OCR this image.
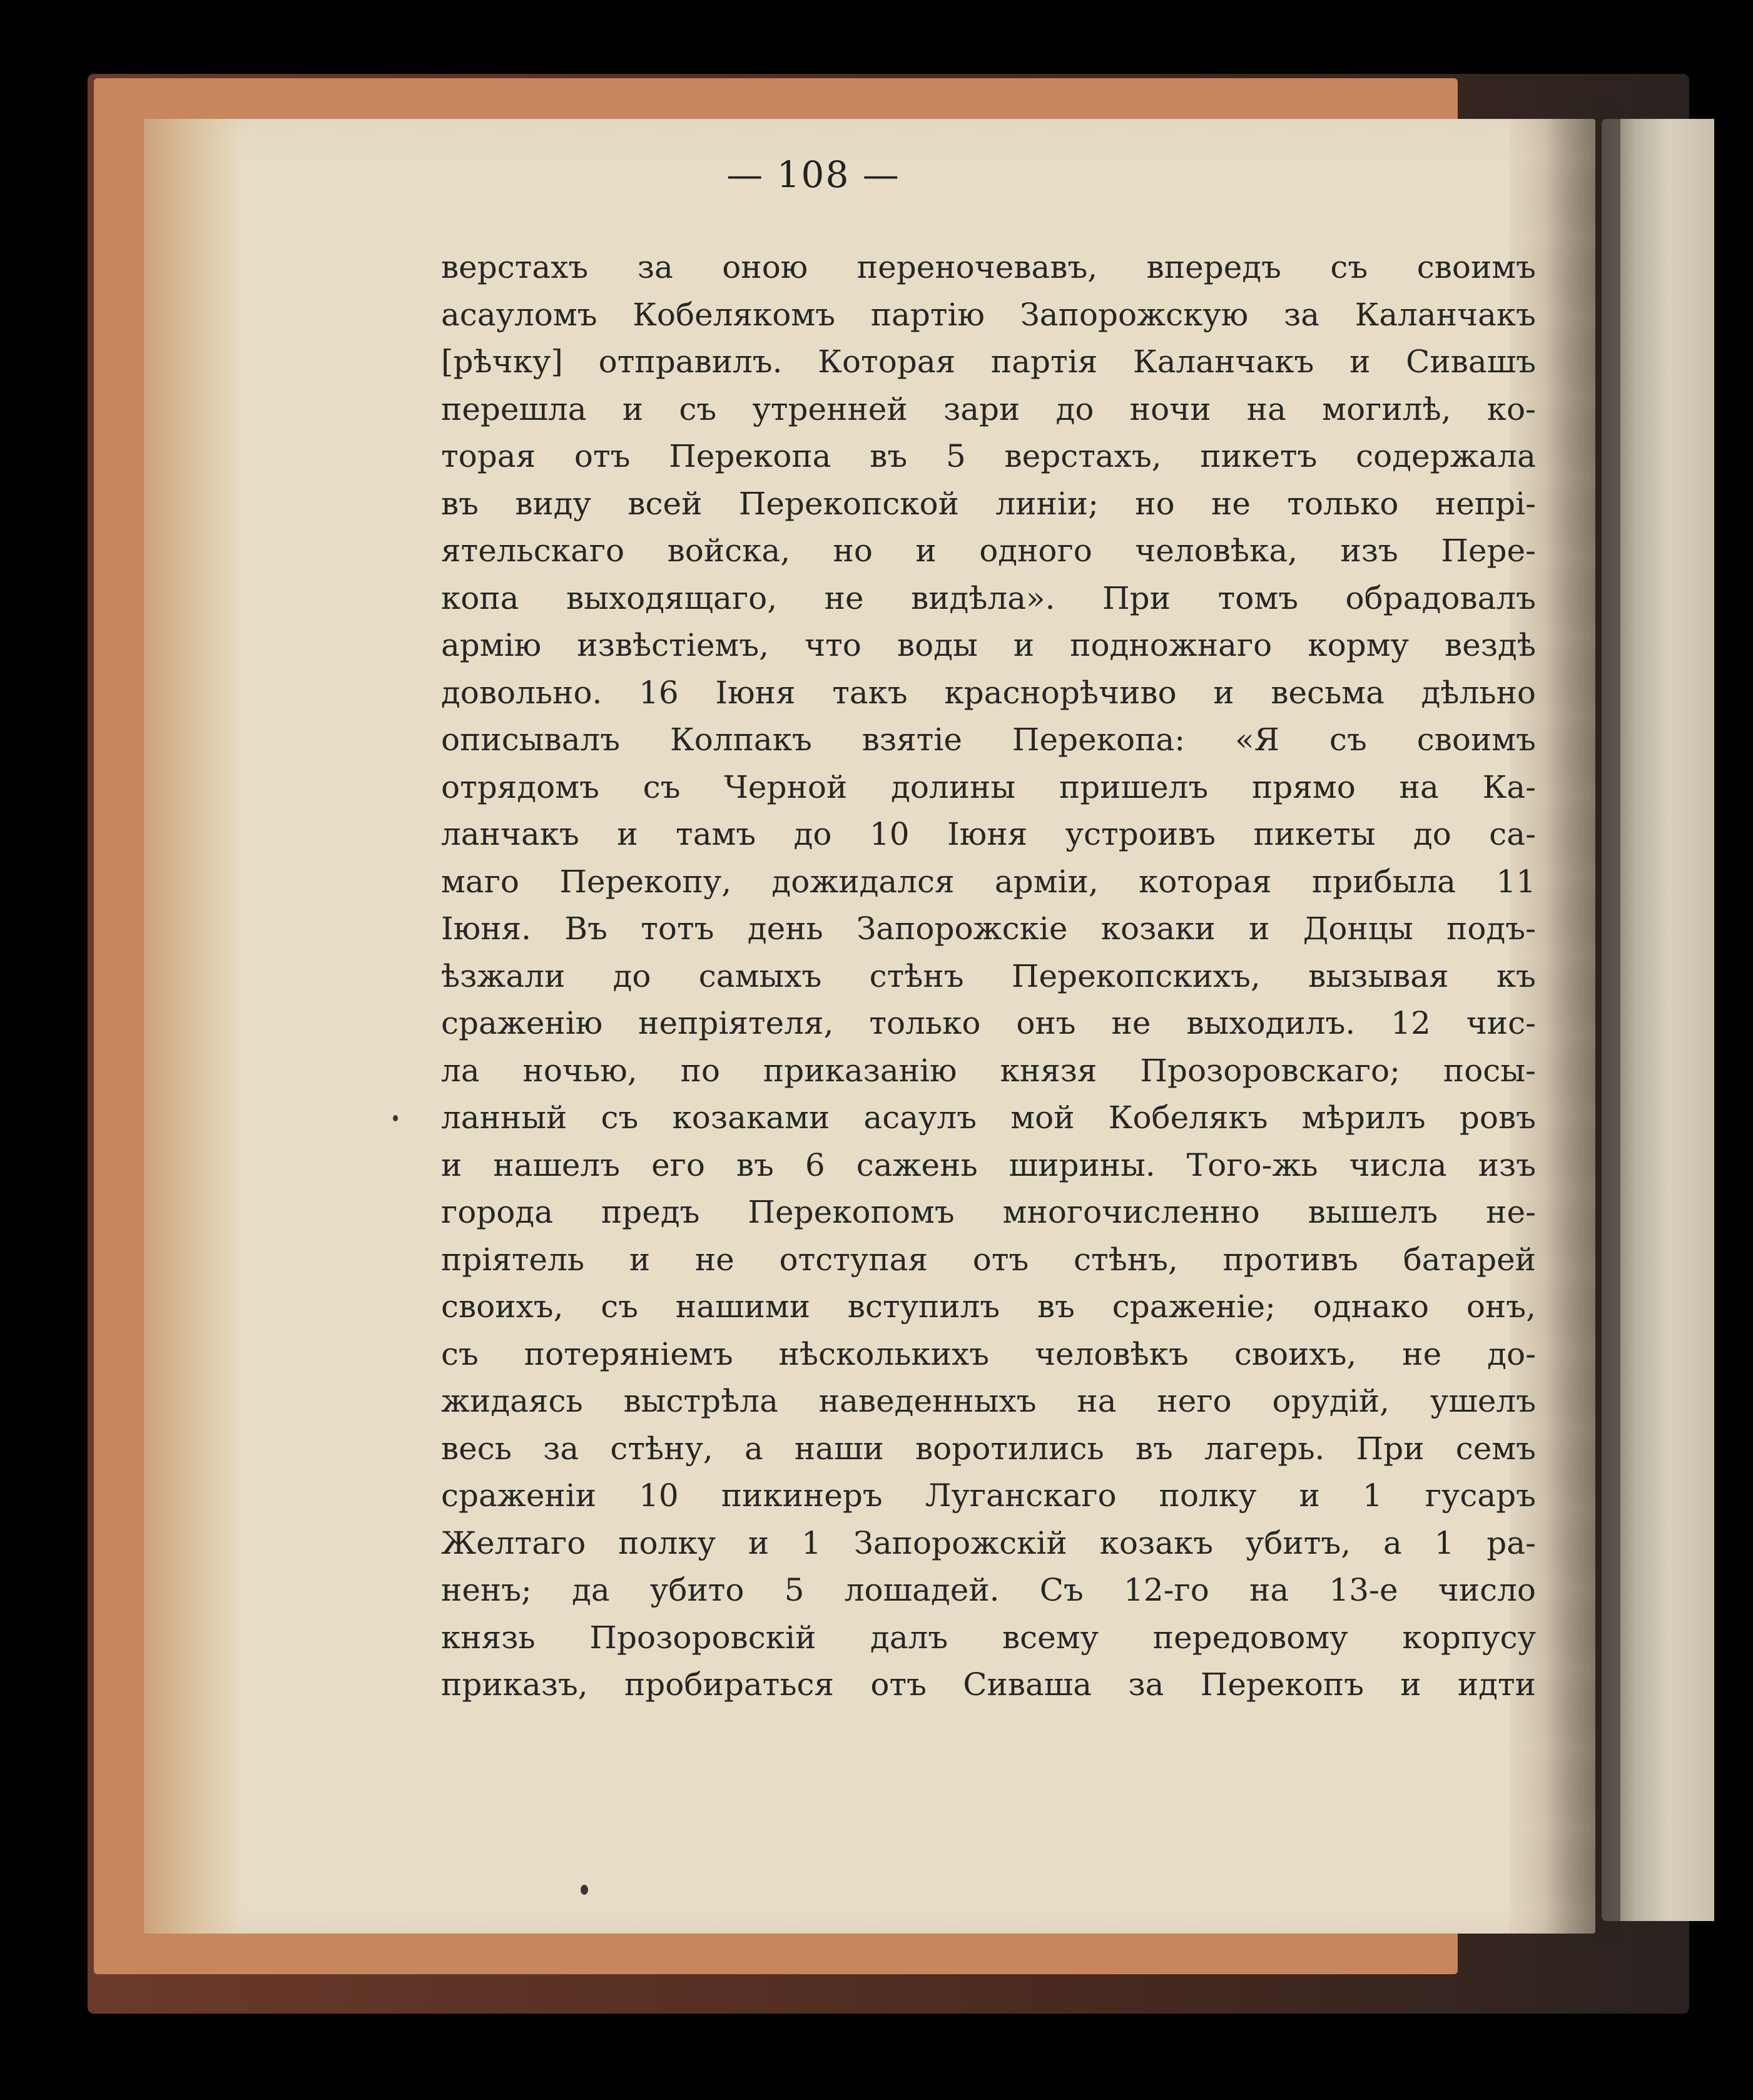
— 108 —
верстахъ за оною переночевавъ, впередъ съ своимъ
асауломъ Кобелякомъ партію Запорожскую за Каланчакъ
[рѣчку] отправилъ. Которая партія Каланчакъ и Сивашъ
перешла и съ утренней зари до ночи на могилѣ, ко-
торая отъ Перекопа въ 5 верстахъ, пикетъ содержала
въ виду всей Перекопской линіи; но не только непрі-
ятельскаго войска, но и одного человѣка, изъ Пере-
копа выходящаго, не видѣла». При томъ обрадовалъ
армію извѣстіемъ, что воды и подножнаго корму вездѣ
довольно. 16 Іюня такъ краснорѣчиво и весьма дѣльно
описывалъ Колпакъ взятіе Перекопа: «Я съ своимъ
отрядомъ съ Черной долины пришелъ прямо на Ка-
ланчакъ и тамъ до 10 Іюня устроивъ пикеты до са-
маго Перекопу, дожидался арміи, которая прибыла 11
Іюня. Въ тотъ день Запорожскіе козаки и Донцы подъ-
ѣзжали до самыхъ стѣнъ Перекопскихъ, вызывая къ
сраженію непріятеля, только онъ не выходилъ. 12 чис-
ла ночью, по приказанію князя Прозоровскаго; посы-
ланный съ козаками асаулъ мой Кобелякъ мѣрилъ ровъ
и нашелъ его въ 6 сажень ширины. Того-жь числа изъ
города предъ Перекопомъ многочисленно вышелъ не-
пріятель и не отступая отъ стѣнъ, противъ батарей
своихъ, съ нашими вступилъ въ сраженіе; однако онъ,
съ потеряніемъ нѣсколькихъ человѣкъ своихъ, не до-
жидаясь выстрѣла наведенныхъ на него орудій, ушелъ
весь за стѣну, а наши воротились въ лагерь. При семъ
сраженіи 10 пикинеръ Луганскаго полку и 1 гусаръ
Желтаго полку и 1 Запорожскій козакъ убитъ, а 1 ра-
ненъ; да убито 5 лошадей. Съ 12-го на 13-е число
князь Прозоровскій далъ всему передовому корпусу
приказъ, пробираться отъ Сиваша за Перекопъ и идти
